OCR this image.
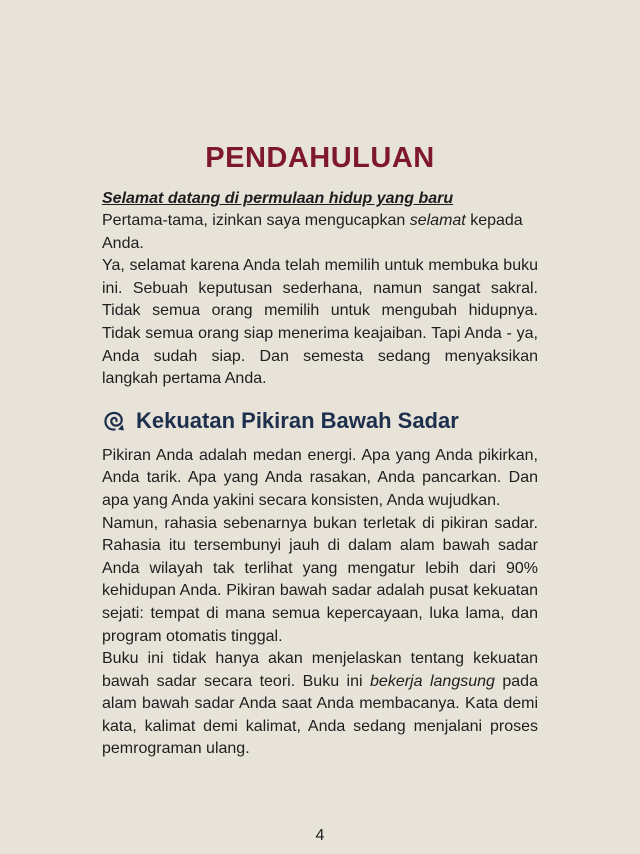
PENDAHULUAN
Selamat datang di permulaan hidup yang baru

Pertama-tama, izinkan saya mengucapkan selamat kepada Anda.

Ya, selamat karena Anda telah memilih untuk membuka buku ini. Sebuah keputusan sederhana, namun sangat sakral. Tidak semua orang memilih untuk mengubah hidupnya. Tidak semua orang siap menerima keajaiban. Tapi Anda - ya, Anda sudah siap. Dan semesta sedang menyaksikan langkah pertama Anda.

Kekuatan Pikiran Bawah Sadar

Pikiran Anda adalah medan energi. Apa yang Anda pikirkan, Anda tarik. Apa yang Anda rasakan, Anda pancarkan. Dan apa yang Anda yakini secara konsisten, Anda wujudkan.

Namun, rahasia sebenarnya bukan terletak di pikiran sadar. Rahasia itu tersembunyi jauh di dalam alam bawah sadar Anda wilayah tak terlihat yang mengatur lebih dari 90% kehidupan Anda. Pikiran bawah sadar adalah pusat kekuatan sejati: tempat di mana semua kepercayaan, luka lama, dan program otomatis tinggal.

Buku ini tidak hanya akan menjelaskan tentang kekuatan bawah sadar secara teori. Buku ini bekerja langsung pada alam bawah sadar Anda saat Anda membacanya. Kata demi kata, kalimat demi kalimat, Anda sedang menjalani proses pemrograman ulang.

4
